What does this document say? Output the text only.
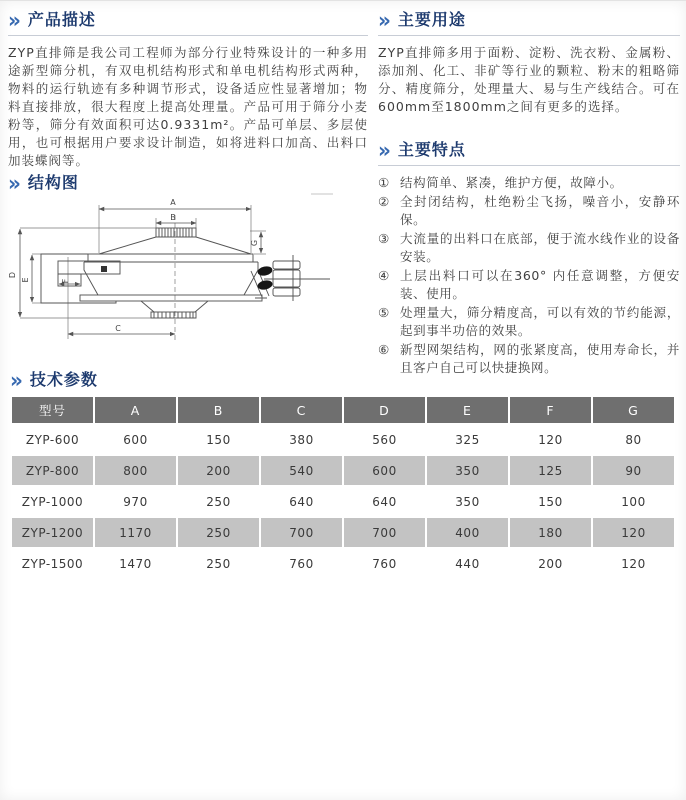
» 产品描述
ZYP直排筛是我公司工程师为部分行业特殊设计的一种多用途新型筛分机，有双电机结构形式和单电机结构形式两种，物料的运行轨迹有多种调节形式，设备适应性显著增加；物料直接排放，很大程度上提高处理量。产品可用于筛分小麦粉等，筛分有效面积可达0.9331m²。产品可单层、多层使用，也可根据用户要求设计制造，如将进料口加高、出料口加装蝶阀等。
» 结构图
A
B
C
D
E	F
G
» 主要用途
ZYP直排筛多用于面粉、淀粉、洗衣粉、金属粉、添加剂、化工、非矿等行业的颗粒、粉末的粗略筛分、精度筛分，处理量大、易与生产线结合。可在600mm至1800mm之间有更多的选择。
» 主要特点
① 结构简单、紧凑，维护方便，故障小。
② 全封闭结构，杜绝粉尘飞扬，噪音小，安静环保。
③ 大流量的出料口在底部，便于流水线作业的设备安装。
④ 上层出料口可以在360° 内任意调整，方便安装、使用。
⑤ 处理量大，筛分精度高，可以有效的节约能源，起到事半功倍的效果。
⑥ 新型网架结构，网的张紧度高，使用寿命长，并且客户自己可以快捷换网。
» 技术参数
型号	A	B	C	D	E	F	G
ZYP-600	600	150	380	560	325	120	80
ZYP-800	800	200	540	600	350	125	90
ZYP-1000	970	250	640	640	350	150	100
ZYP-1200	1170	250	700	700	400	180	120
ZYP-1500	1470	250	760	760	440	200	120
